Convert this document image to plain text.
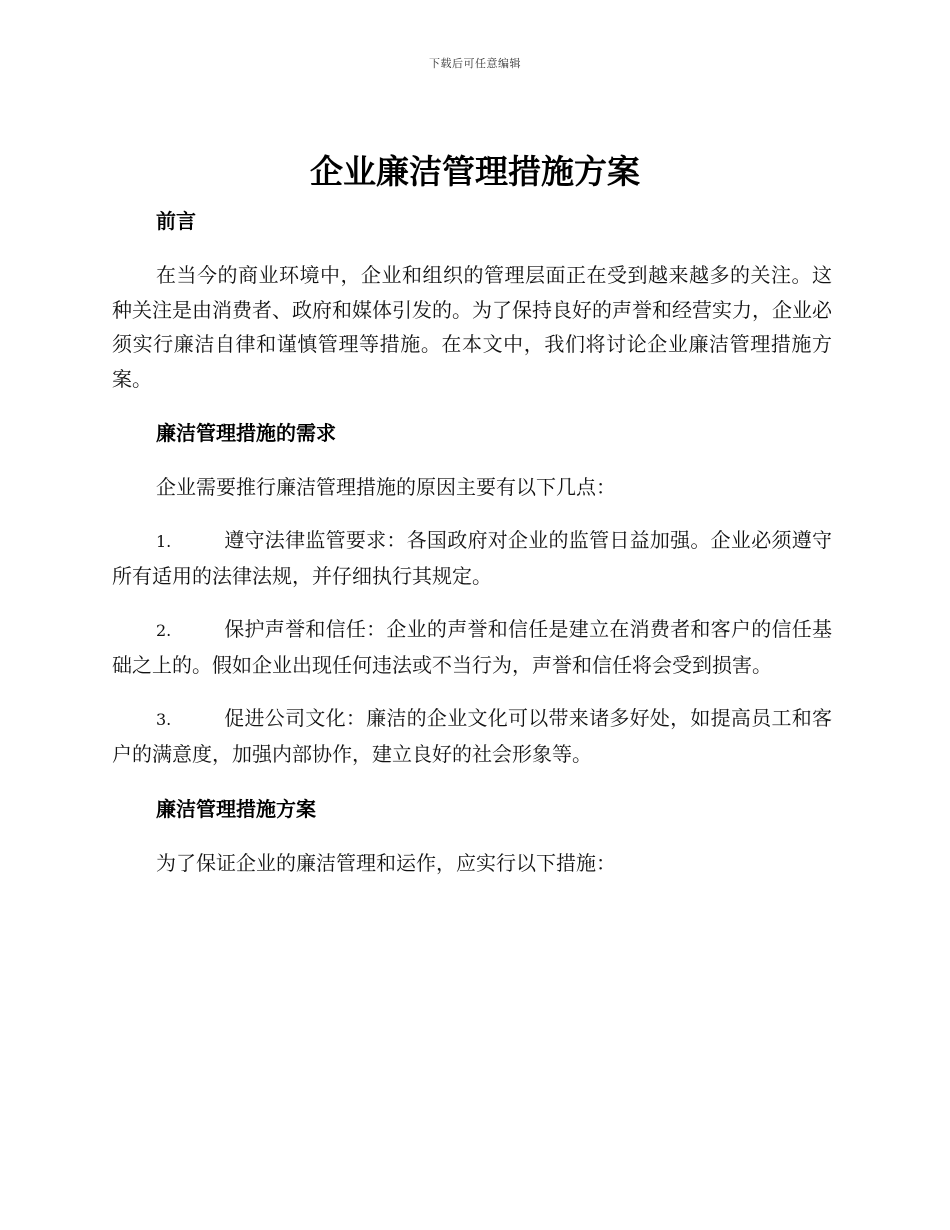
下载后可任意编辑
企业廉洁管理措施方案
前言

在当今的商业环境中，企业和组织的管理层面正在受到越来越多的关注。这种关注是由消费者、政府和媒体引发的。为了保持良好的声誉和经营实力，企业必须实行廉洁自律和谨慎管理等措施。在本文中，我们将讨论企业廉洁管理措施方案。

廉洁管理措施的需求

企业需要推行廉洁管理措施的原因主要有以下几点：

1.	遵守法律监管要求：各国政府对企业的监管日益加强。企业必须遵守所有适用的法律法规，并仔细执行其规定。

2.	保护声誉和信任：企业的声誉和信任是建立在消费者和客户的信任基础之上的。假如企业出现任何违法或不当行为，声誉和信任将会受到损害。

3.	促进公司文化：廉洁的企业文化可以带来诸多好处，如提高员工和客户的满意度，加强内部协作，建立良好的社会形象等。

廉洁管理措施方案

为了保证企业的廉洁管理和运作，应实行以下措施：
